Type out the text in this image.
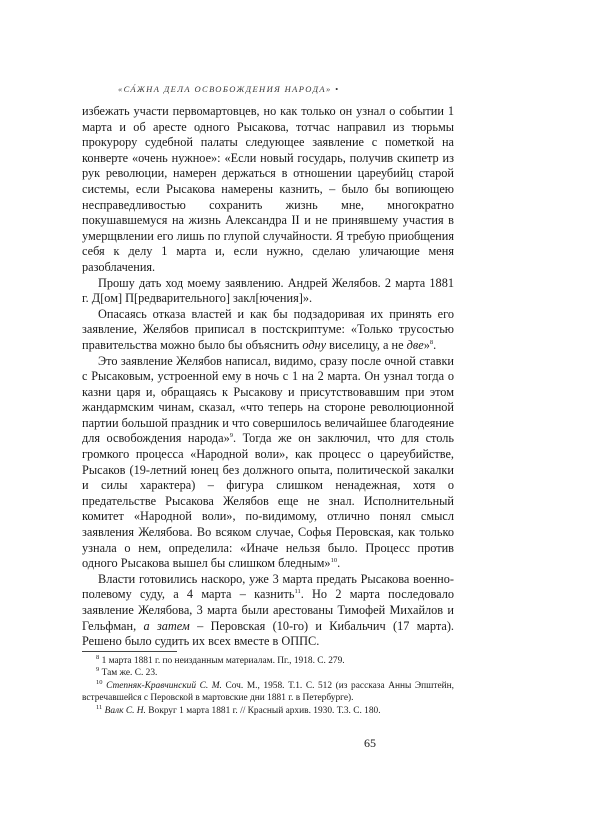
«СА́ЖНА ДЕЛА ОСВОБОЖДЕНИЯ НАРОДА» •

избежать участи первомартовцев, но как только он узнал о событии 1 марта и об аресте одного Рысакова, тотчас направил из тюрьмы прокурору судебной палаты следующее заявление с пометкой на конверте «очень нужное»: «Если новый государь, получив скипетр из рук революции, намерен держаться в отношении цареубийц старой системы, если Рысакова намерены казнить, – было бы вопиющею несправедливостью сохранить жизнь мне, многократно покушавшемуся на жизнь Александра II и не принявшему участия в умерщвлении его лишь по глупой случайности. Я требую приобщения себя к делу 1 марта и, если нужно, сделаю уличающие меня разоблачения.

Прошу дать ход моему заявлению. Андрей Желябов. 2 марта 1881 г. Д[ом] П[редварительного] закл[ючения]».

Опасаясь отказа властей и как бы подзадоривая их принять его заявление, Желябов приписал в постскриптуме: «Только трусостью правительства можно было бы объяснить одну виселицу, а не две»$^8$.

Это заявление Желябов написал, видимо, сразу после очной ставки с Рысаковым, устроенной ему в ночь с 1 на 2 марта. Он узнал тогда о казни царя и, обращаясь к Рысакову и присутствовавшим при этом жандармским чинам, сказал, «что теперь на стороне революционной партии большой праздник и что совершилось величайшее благодеяние для освобождения народа»$^9$. Тогда же он заключил, что для столь громкого процесса «Народной воли», как процесс о цареубийстве, Рысаков (19-летний юнец без должного опыта, политической закалки и силы характера) – фигура слишком ненадежная, хотя о предательстве Рысакова Желябов еще не знал. Исполнительный комитет «Народной воли», по-видимому, отлично понял смысл заявления Желябова. Во всяком случае, Софья Перовская, как только узнала о нем, определила: «Иначе нельзя было. Процесс против одного Рысакова вышел бы слишком бледным»$^{10}$.

Власти готовились наскоро, уже 3 марта предать Рысакова военно-полевому суду, а 4 марта – казнить$^{11}$. Но 2 марта последовало заявление Желябова, 3 марта были арестованы Тимофей Михайлов и Гельфман, а затем – Перовская (10-го) и Кибальчич (17 марта). Решено было судить их всех вместе в ОППС.

$^8$ 1 марта 1881 г. по неизданным материалам. Пг., 1918. С. 279.

$^9$ Там же. С. 23.

$^{10}$ Степняк-Кравчинский С. М. Соч. М., 1958. Т.1. С. 512 (из рассказа Анны Эпштейн, встречавшейся с Перовской в мартовские дни 1881 г. в Петербурге).

$^{11}$ Валк С. Н. Вокруг 1 марта 1881 г. // Красный архив. 1930. Т.3. С. 180.

65
